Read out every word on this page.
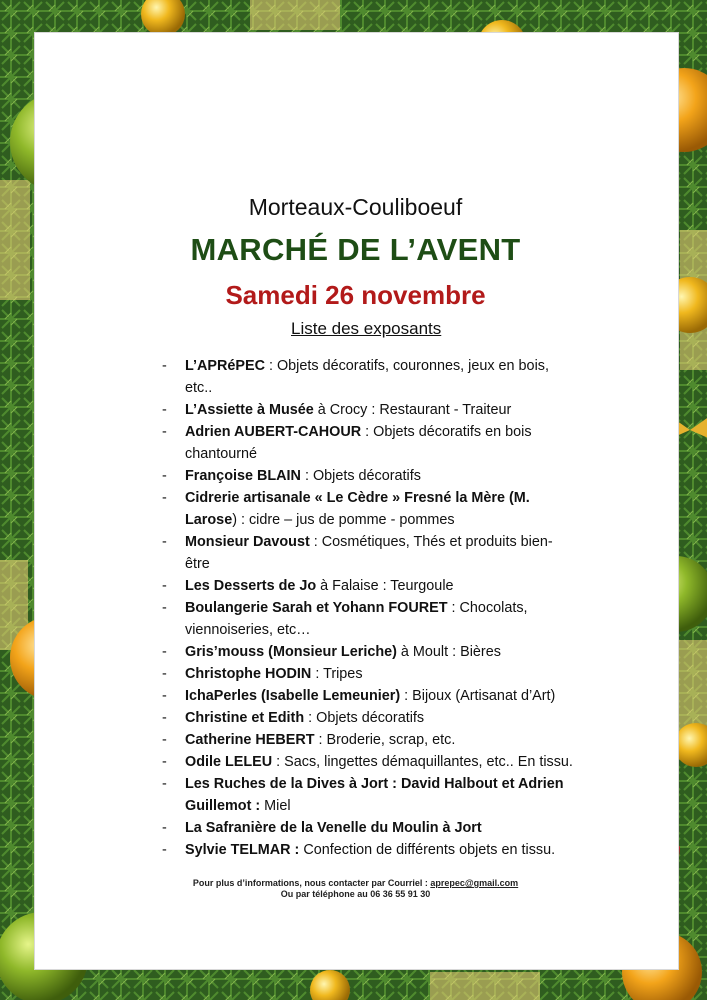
Morteaux-Couliboeuf
MARCHÉ DE L’AVENT
Samedi 26 novembre
Liste des exposants
- L’APRéPEC : Objets décoratifs, couronnes, jeux en bois,
etc..
- L’Assiette à Musée à Crocy : Restaurant - Traiteur
- Adrien AUBERT-CAHOUR : Objets décoratifs en bois
chantourné
- Françoise BLAIN : Objets décoratifs
- Cidrerie artisanale « Le Cèdre » Fresné la Mère (M.
Larose) : cidre – jus de pomme - pommes
- Monsieur Davoust : Cosmétiques, Thés et produits bien-
être
- Les Desserts de Jo à Falaise : Teurgoule
- Boulangerie Sarah et Yohann FOURET : Chocolats,
viennoiseries, etc…
- Gris’mouss (Monsieur Leriche) à Moult : Bières
- Christophe HODIN : Tripes
- IchaPerles (Isabelle Lemeunier) : Bijoux (Artisanat d’Art)
- Christine et Edith : Objets décoratifs
- Catherine HEBERT : Broderie, scrap, etc.
- Odile LELEU : Sacs, lingettes démaquillantes, etc.. En tissu.
- Les Ruches de la Dives à Jort : David Halbout et Adrien
Guillemot : Miel
- La Safranière de la Venelle du Moulin à Jort
- Sylvie TELMAR : Confection de différents objets en tissu.
Pour plus d’informations, nous contacter par Courriel : aprepec@gmail.com
Ou par téléphone au 06 36 55 91 30
